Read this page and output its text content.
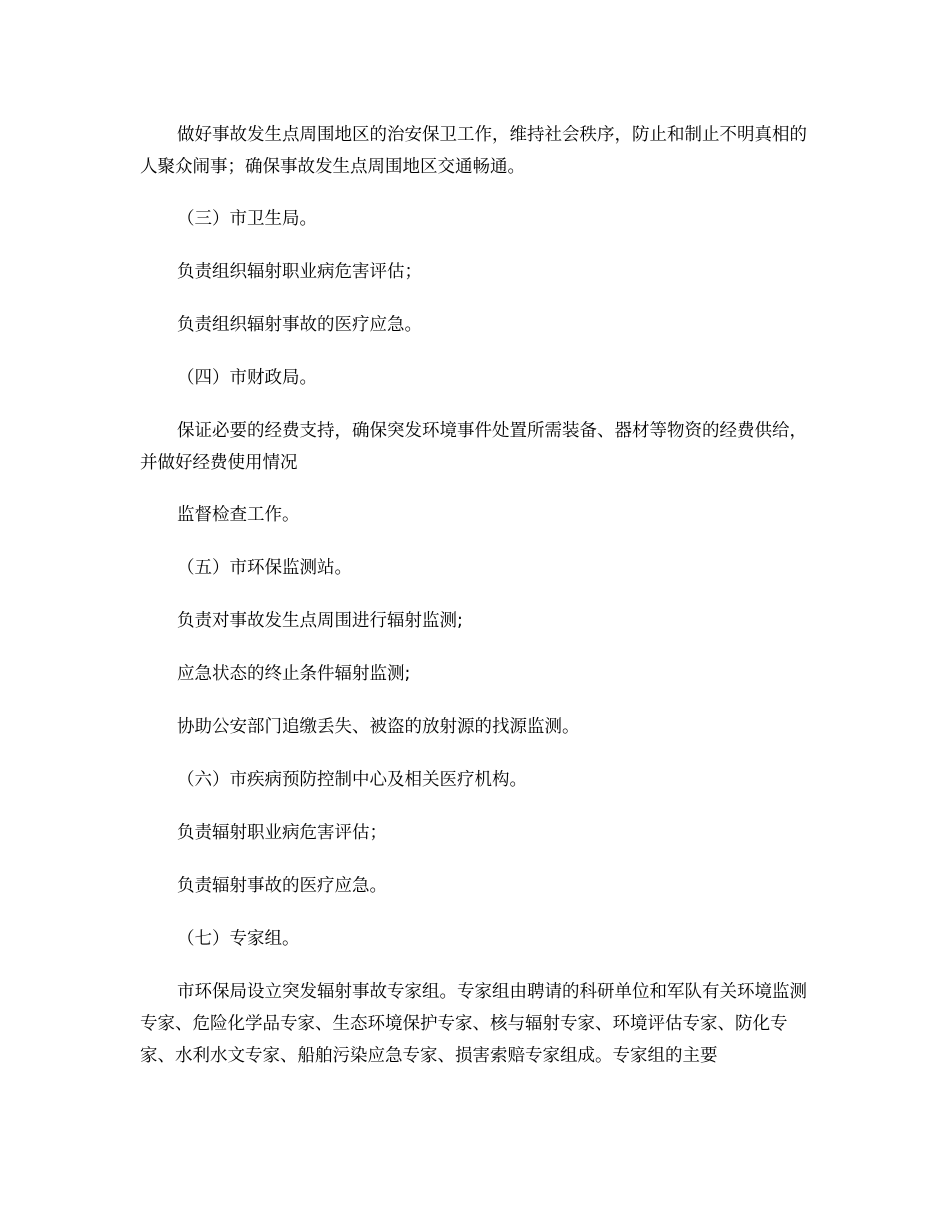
做好事故发生点周围地区的治安保卫工作，维持社会秩序，防止和制止不明真相的人聚众闹事；确保事故发生点周围地区交通畅通。

（三）市卫生局。

负责组织辐射职业病危害评估；

负责组织辐射事故的医疗应急。

（四）市财政局。

保证必要的经费支持，确保突发环境事件处置所需装备、器材等物资的经费供给，并做好经费使用情况

监督检查工作。

（五）市环保监测站。

负责对事故发生点周围进行辐射监测;

应急状态的终止条件辐射监测;

协助公安部门追缴丢失、被盗的放射源的找源监测。

（六）市疾病预防控制中心及相关医疗机构。

负责辐射职业病危害评估；

负责辐射事故的医疗应急。

（七）专家组。

市环保局设立突发辐射事故专家组。专家组由聘请的科研单位和军队有关环境监测专家、危险化学品专家、生态环境保护专家、核与辐射专家、环境评估专家、防化专家、水利水文专家、船舶污染应急专家、损害索赔专家组成。专家组的主要
